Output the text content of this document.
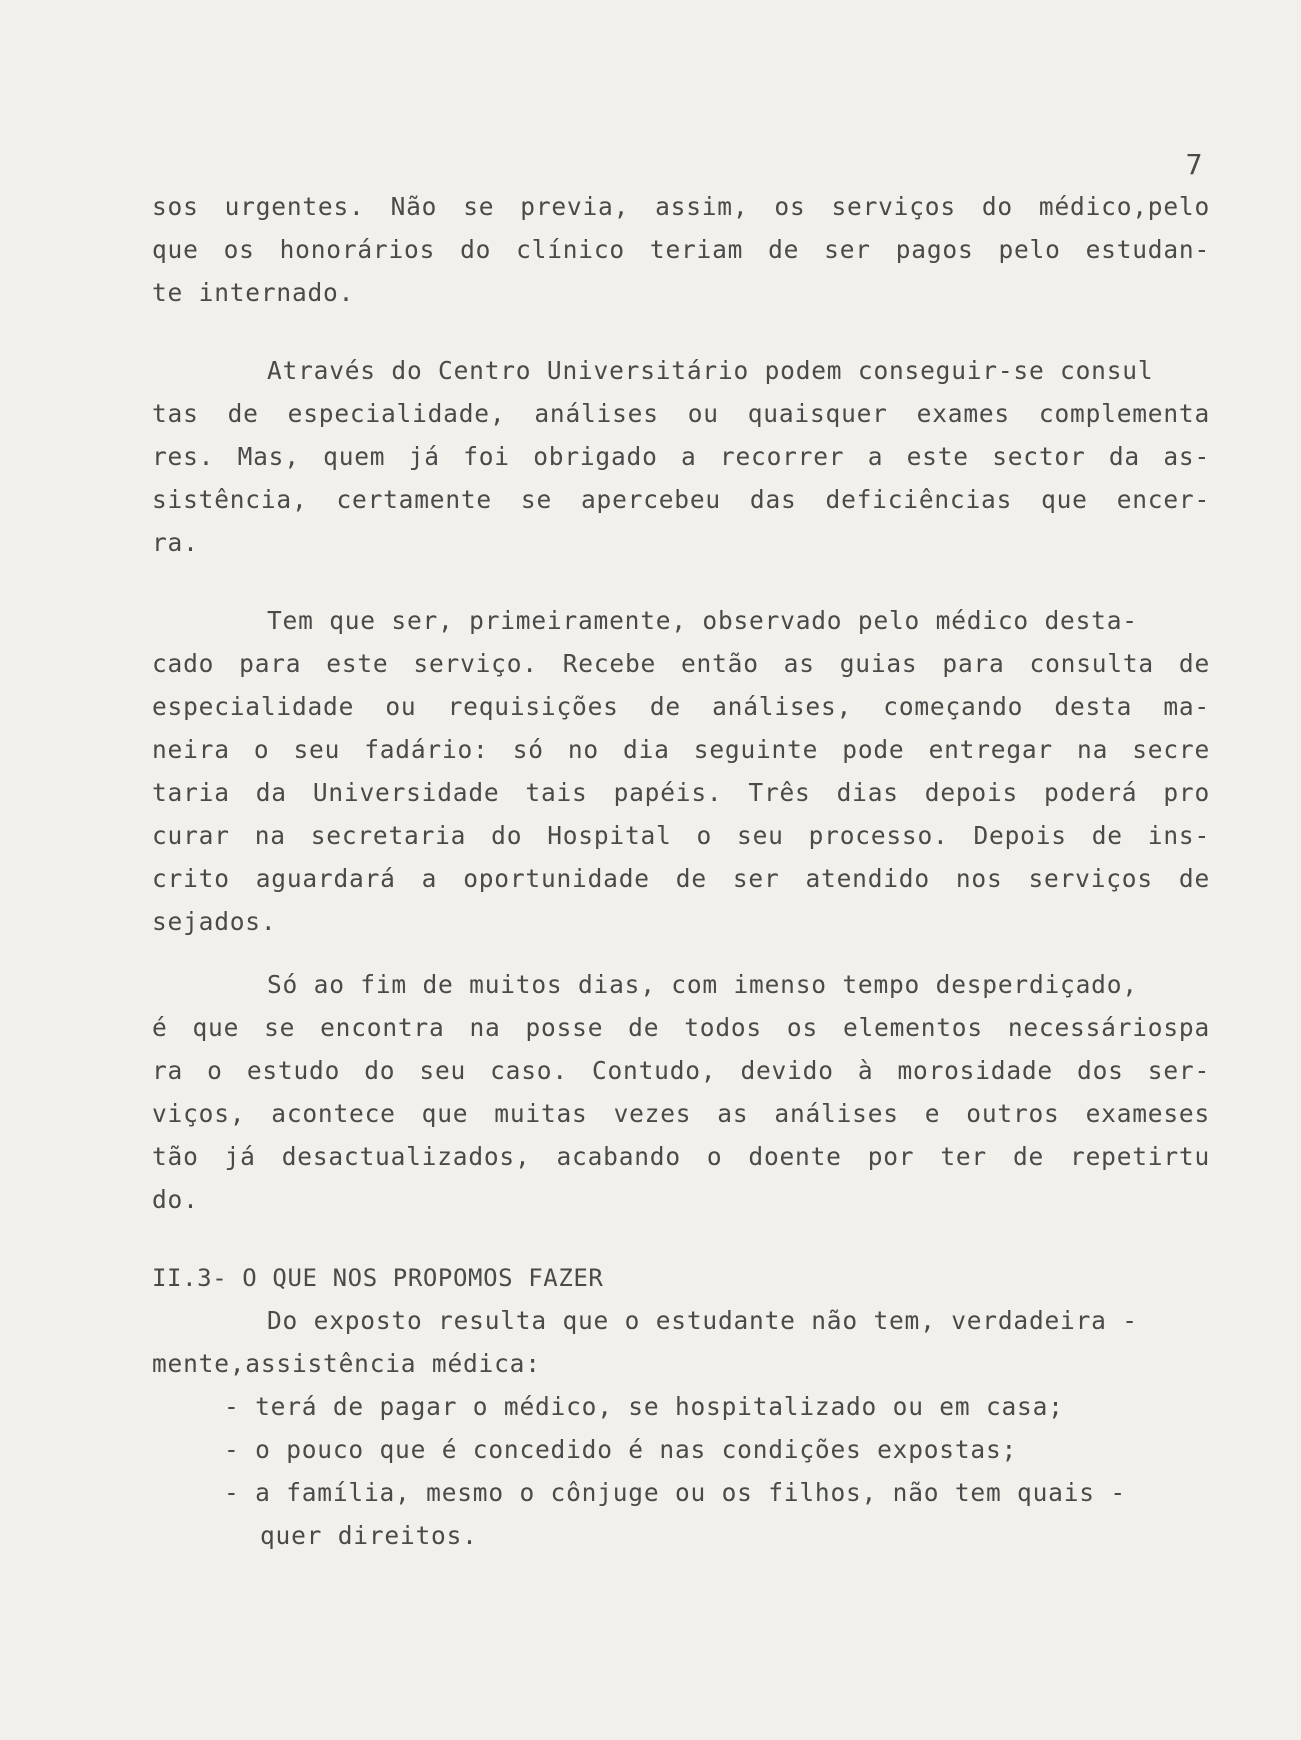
7
sos urgentes. Não se previa, assim, os serviços do médico,pelo
que os honorários do clínico teriam de ser pagos pelo estudan-
te internado.
Através do Centro Universitário podem conseguir-se consul
tas de especialidade, análises ou quaisquer exames complementa
res. Mas, quem já foi obrigado a recorrer a este sector da as-
sistência, certamente se apercebeu das deficiências que encer-
ra.
Tem que ser, primeiramente, observado pelo médico desta-
cado para este serviço. Recebe então as guias para consulta de
especialidade ou requisições de análises, começando desta ma-
neira o seu fadário: só no dia seguinte pode entregar na secre
taria da Universidade tais papéis. Três dias depois poderá pro
curar na secretaria do Hospital o seu processo. Depois de ins-
crito aguardará a oportunidade de ser atendido nos serviços de
sejados.
Só ao fim de muitos dias, com imenso tempo desperdiçado,
é que se encontra na posse de todos os elementos necessáriospa
ra o estudo do seu caso. Contudo, devido à morosidade dos ser-
viços, acontece que muitas vezes as análises e outros exameses
tão já desactualizados, acabando o doente por ter de repetirtu
do.
II.3- O QUE NOS PROPOMOS FAZER
Do exposto resulta que o estudante não tem, verdadeira -
mente,assistência médica:
- terá de pagar o médico, se hospitalizado ou em casa;
- o pouco que é concedido é nas condições expostas;
- a família, mesmo o cônjuge ou os filhos, não tem quais -
quer direitos.
